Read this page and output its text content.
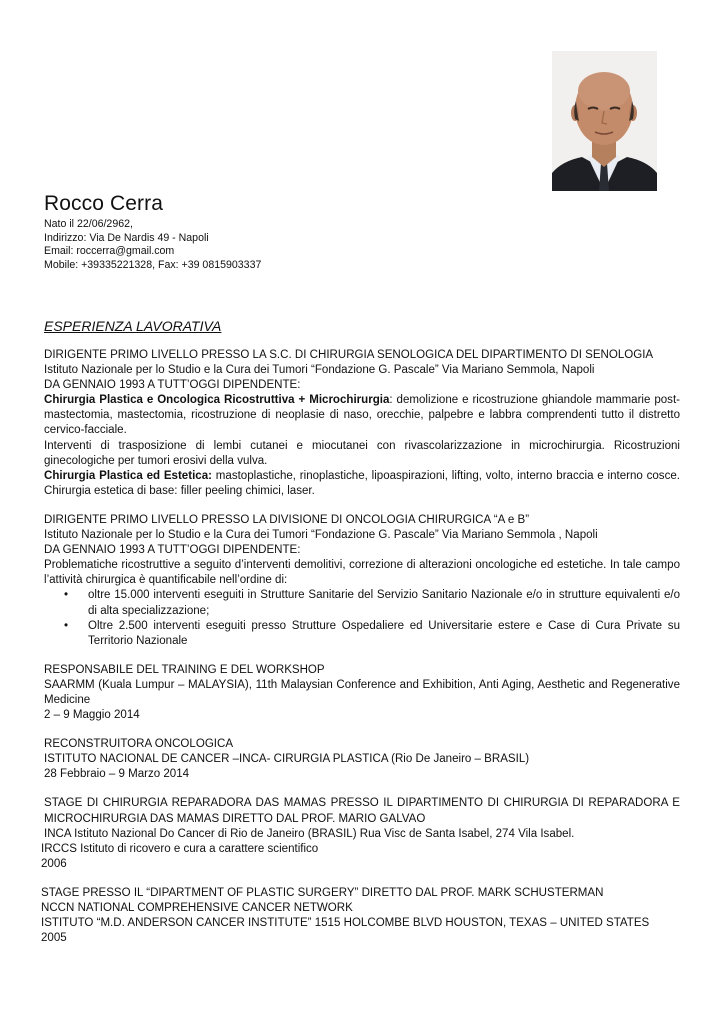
Rocco Cerra
Nato il 22/06/2962,
Indirizzo: Via De Nardis 49 - Napoli
Email: roccerra@gmail.com
Mobile: +39335221328, Fax: +39 0815903337
ESPERIENZA LAVORATIVA
DIRIGENTE PRIMO LIVELLO PRESSO LA S.C. DI CHIRURGIA SENOLOGICA DEL DIPARTIMENTO DI SENOLOGIA
Istituto Nazionale per lo Studio e la Cura dei Tumori “Fondazione G. Pascale” Via Mariano Semmola, Napoli
DA GENNAIO 1993 A TUTT’OGGI DIPENDENTE:
Chirurgia Plastica e Oncologica Ricostruttiva + Microchirurgia: demolizione e ricostruzione ghiandole mammarie post- mastectomia, mastectomia, ricostruzione di neoplasie di naso, orecchie, palpebre e labbra comprendenti tutto il distretto cervico-facciale.
Interventi di trasposizione di lembi cutanei e miocutanei con rivascolarizzazione in microchirurgia. Ricostruzioni ginecologiche per tumori erosivi della vulva.
Chirurgia Plastica ed Estetica: mastoplastiche, rinoplastiche, lipoaspirazioni, lifting, volto, interno braccia e interno cosce. Chirurgia estetica di base: filler peeling chimici, laser.
DIRIGENTE PRIMO LIVELLO PRESSO LA DIVISIONE DI ONCOLOGIA CHIRURGICA “A e B”
Istituto Nazionale per lo Studio e la Cura dei Tumori “Fondazione G. Pascale” Via Mariano Semmola , Napoli
DA GENNAIO 1993 A TUTT’OGGI DIPENDENTE:
Problematiche ricostruttive a seguito d’interventi demolitivi, correzione di alterazioni oncologiche ed estetiche. In tale campo l’attività chirurgica è quantificabile nell’ordine di:
• oltre 15.000 interventi eseguiti in Strutture Sanitarie del Servizio Sanitario Nazionale e/o in strutture equivalenti e/o di alta specializzazione;
• Oltre 2.500 interventi eseguiti presso Strutture Ospedaliere ed Universitarie estere e Case di Cura Private su Territorio Nazionale
RESPONSABILE DEL TRAINING E DEL WORKSHOP
SAARMM (Kuala Lumpur – MALAYSIA), 11th Malaysian Conference and Exhibition, Anti Aging, Aesthetic and Regenerative Medicine
2 – 9 Maggio 2014
RECONSTRUITORA ONCOLOGICA
ISTITUTO NACIONAL DE CANCER –INCA- CIRURGIA PLASTICA (Rio De Janeiro – BRASIL)
28 Febbraio – 9 Marzo 2014
STAGE DI CHIRURGIA REPARADORA DAS MAMAS PRESSO IL DIPARTIMENTO DI CHIRURGIA DI REPARADORA E MICROCHIRURGIA DAS MAMAS DIRETTO DAL PROF. MARIO GALVAO
INCA Istituto Nazional Do Cancer di Rio de Janeiro (BRASIL) Rua Visc de Santa Isabel, 274 Vila Isabel.
IRCCS Istituto di ricovero e cura a carattere scientifico
2006
STAGE PRESSO IL “DIPARTMENT OF PLASTIC SURGERY” DIRETTO DAL PROF. MARK SCHUSTERMAN
NCCN NATIONAL COMPREHENSIVE CANCER NETWORK
ISTITUTO “M.D. ANDERSON CANCER INSTITUTE” 1515 HOLCOMBE BLVD HOUSTON, TEXAS – UNITED STATES
2005
